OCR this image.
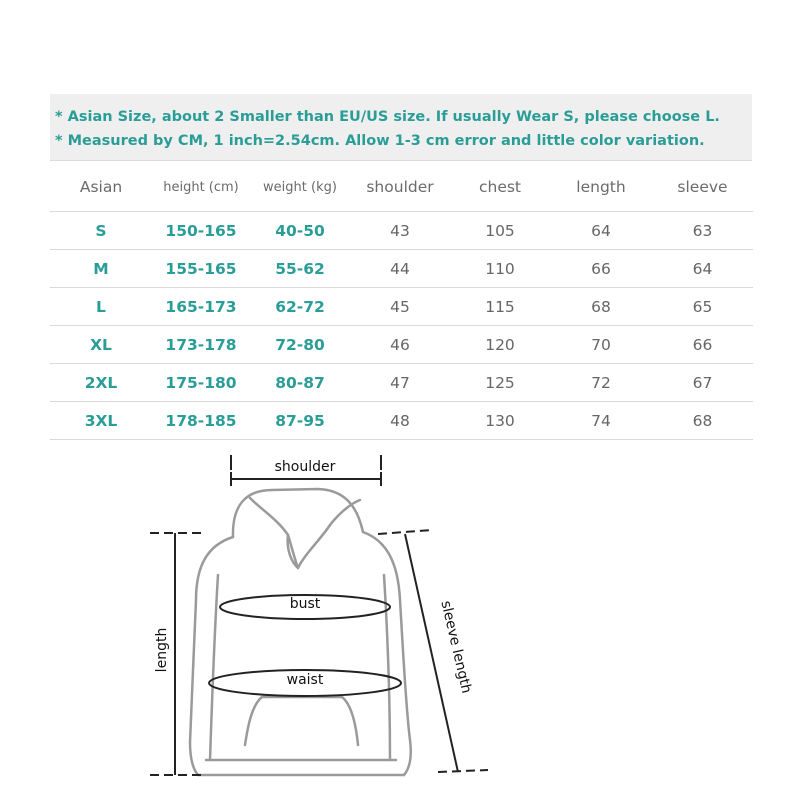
* Asian Size, about 2 Smaller than EU/US size. If usually Wear S, please choose L.
* Measured by CM, 1 inch=2.54cm. Allow 1-3 cm error and little color variation.
Asian	height (cm)	weight (kg)	shoulder	chest	length	sleeve
S	150-165	40-50	43	105	64	63
M	155-165	55-62	44	110	66	64
L	165-173	62-72	45	115	68	65
XL	173-178	72-80	46	120	70	66
2XL	175-180	80-87	47	125	72	67
3XL	178-185	87-95	48	130	74	68
shoulder
bust
waist
length	sleeve length
